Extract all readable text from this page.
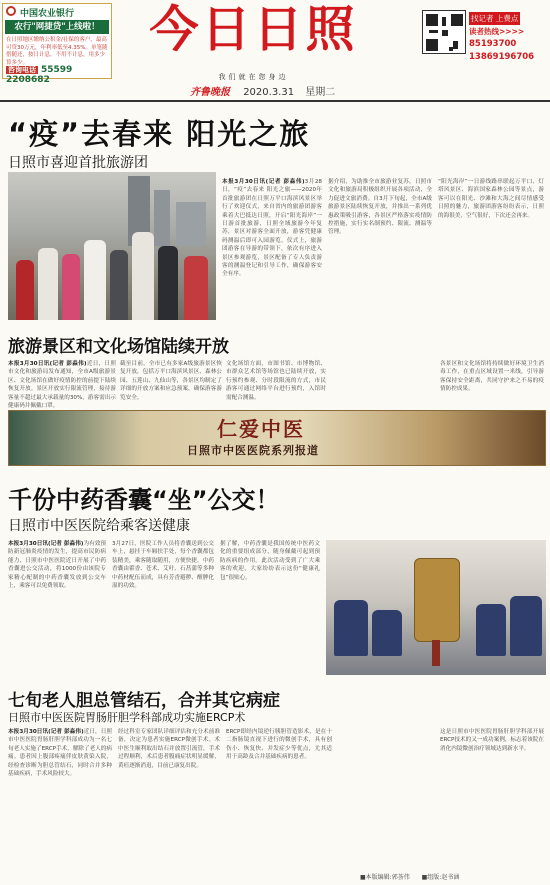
中国农业银行
农行"网捷贷"上线啦！
在日照地区缴纳公积金/社保的客户，最高可贷30万元，年利率低至4.35%。单笔随借随还，按日计息，不用不计息，用多少算多少。
咨询电话 55599 2208682
今日日照
我们就在您身边
齐鲁晚报 2020.3.31 星期二
找记者 上费点
读者热线>>>>
85193700
13869196706
“疫”去春来 阳光之旅
日照市喜迎首批旅游团
本报3月30日讯(记者 彭淼伟)3月28日，“疫”去春来 阳光之旅——2020年首批旅游团在日照万平口海滨风景区举行了欢迎仪式，来自省内的旅游团游客乘着大巴抵达日照，开启“阳光海岸”一日游首批旅游，日照全域旅游今年复苏，景区对游客全面开放，游客凭健康码测温后即可入园游览。仪式上，旅游团游客在导游的带领下，依次有序进入景区参观游览，景区配备了专人负责游客的测温登记和引导工作，确保游客安全有序。
据介绍，为助推全市旅游业复苏，日照市文化和旅游局积极组织开展各项活动，全力促进文旅消费。自3月下旬起，全市A级旅游景区陆续恢复开放，并推出一系列优惠政策吸引游客，各景区严格落实疫情防控措施，实行实名制预约、限流、测温等管理。
“阳光海岸”一日游线路串联起万平口、灯塔风景区、海滨国家森林公园等景点，游客可以在阳光、沙滩和大海之间尽情感受日照的魅力，旅游团游客纷纷表示，日照的海很美，空气很好，下次还会再来。
旅游景区和文化场馆陆续开放
本报3月30日讯(记者 彭淼伟)近日，日照市文化和旅游局发布通知，全市A级旅游景区、文化场馆在做好疫情防控的前提下陆续恢复开放。景区开放实行限流管理，接待游客量不超过最大承载量的30%，游客需出示健康码并佩戴口罩。
截至目前，全市已有多家A级旅游景区恢复开放，包括万平口海滨风景区、森林公园、五莲山、九仙山等，各景区均制定了详细的开放方案和应急预案，确保游客游览安全。
文化场馆方面，市图书馆、市博物馆、市群众艺术馆等场馆也已陆续开放，实行预约参观、分时段限流的方式，市民游客可通过网络平台进行预约，入馆时需配合测温。
各景区和文化场馆将持续做好环境卫生消毒工作，在重点区域设置一米线，引导游客保持安全距离，共同守护来之不易的疫情防控成果。
仁爱中医
日照市中医医院系列报道
千份中药香囊“坐”公交！
日照市中医医院给乘客送健康
本报3月30日讯(记者 彭淼伟)为有效预防新冠肺炎疫情的发生，提高市民防病能力，日照市中医医院近日开展了中药香囊进公交活动，将1000份由该院专家精心配制的中药香囊发放到公交车上，乘客可以免费领取。
3月27日，医院工作人员将香囊送到公交车上，悬挂于车厢扶手处，每个香囊都包装精美，乘客随取随用，方便快捷。中药香囊由藿香、苍术、艾叶、石菖蒲等多种中药材配伍而成，具有芳香避秽、醒脾化湿的功效。
据了解，中药香囊是我国传统中医药文化的重要组成部分，随身佩戴可起到预防疾病的作用。此次活动受到了广大乘客的欢迎，大家纷纷表示这份“健康礼包”很贴心。
七旬老人胆总管结石，合并其它病症
日照市中医医院胃肠肝胆学科部成功实施ERCP术
本报3月30日讯(记者 彭淼伟)近日，日照市中医医院胃肠肝胆学科部成功为一名七旬老人实施了ERCP手术，解除了老人的病痛。患者因上腹部疼痛伴皮肤黄染入院，经检查诊断为胆总管结石，同时合并多种基础疾病，手术风险较大。
经过科室专家团队详细评估和充分术前准备，决定为患者实施ERCP微创手术。术中医生顺利取出结石并放置引流管，手术过程顺利，术后患者腹痛症状明显缓解，黄疸逐渐消退，目前已康复出院。
ERCP即经内镜逆行胰胆管造影术，是在十二指肠镜直视下进行的微创手术，具有创伤小、恢复快、并发症少等优点，尤其适用于高龄及合并基础疾病的患者。
这是日照市中医医院胃肠肝胆学科部开展ERCP技术的又一成功案例，标志着该院在消化内镜微创治疗领域达到新水平。
■本版编辑:郭荟伟 ■组版:赵书涵
